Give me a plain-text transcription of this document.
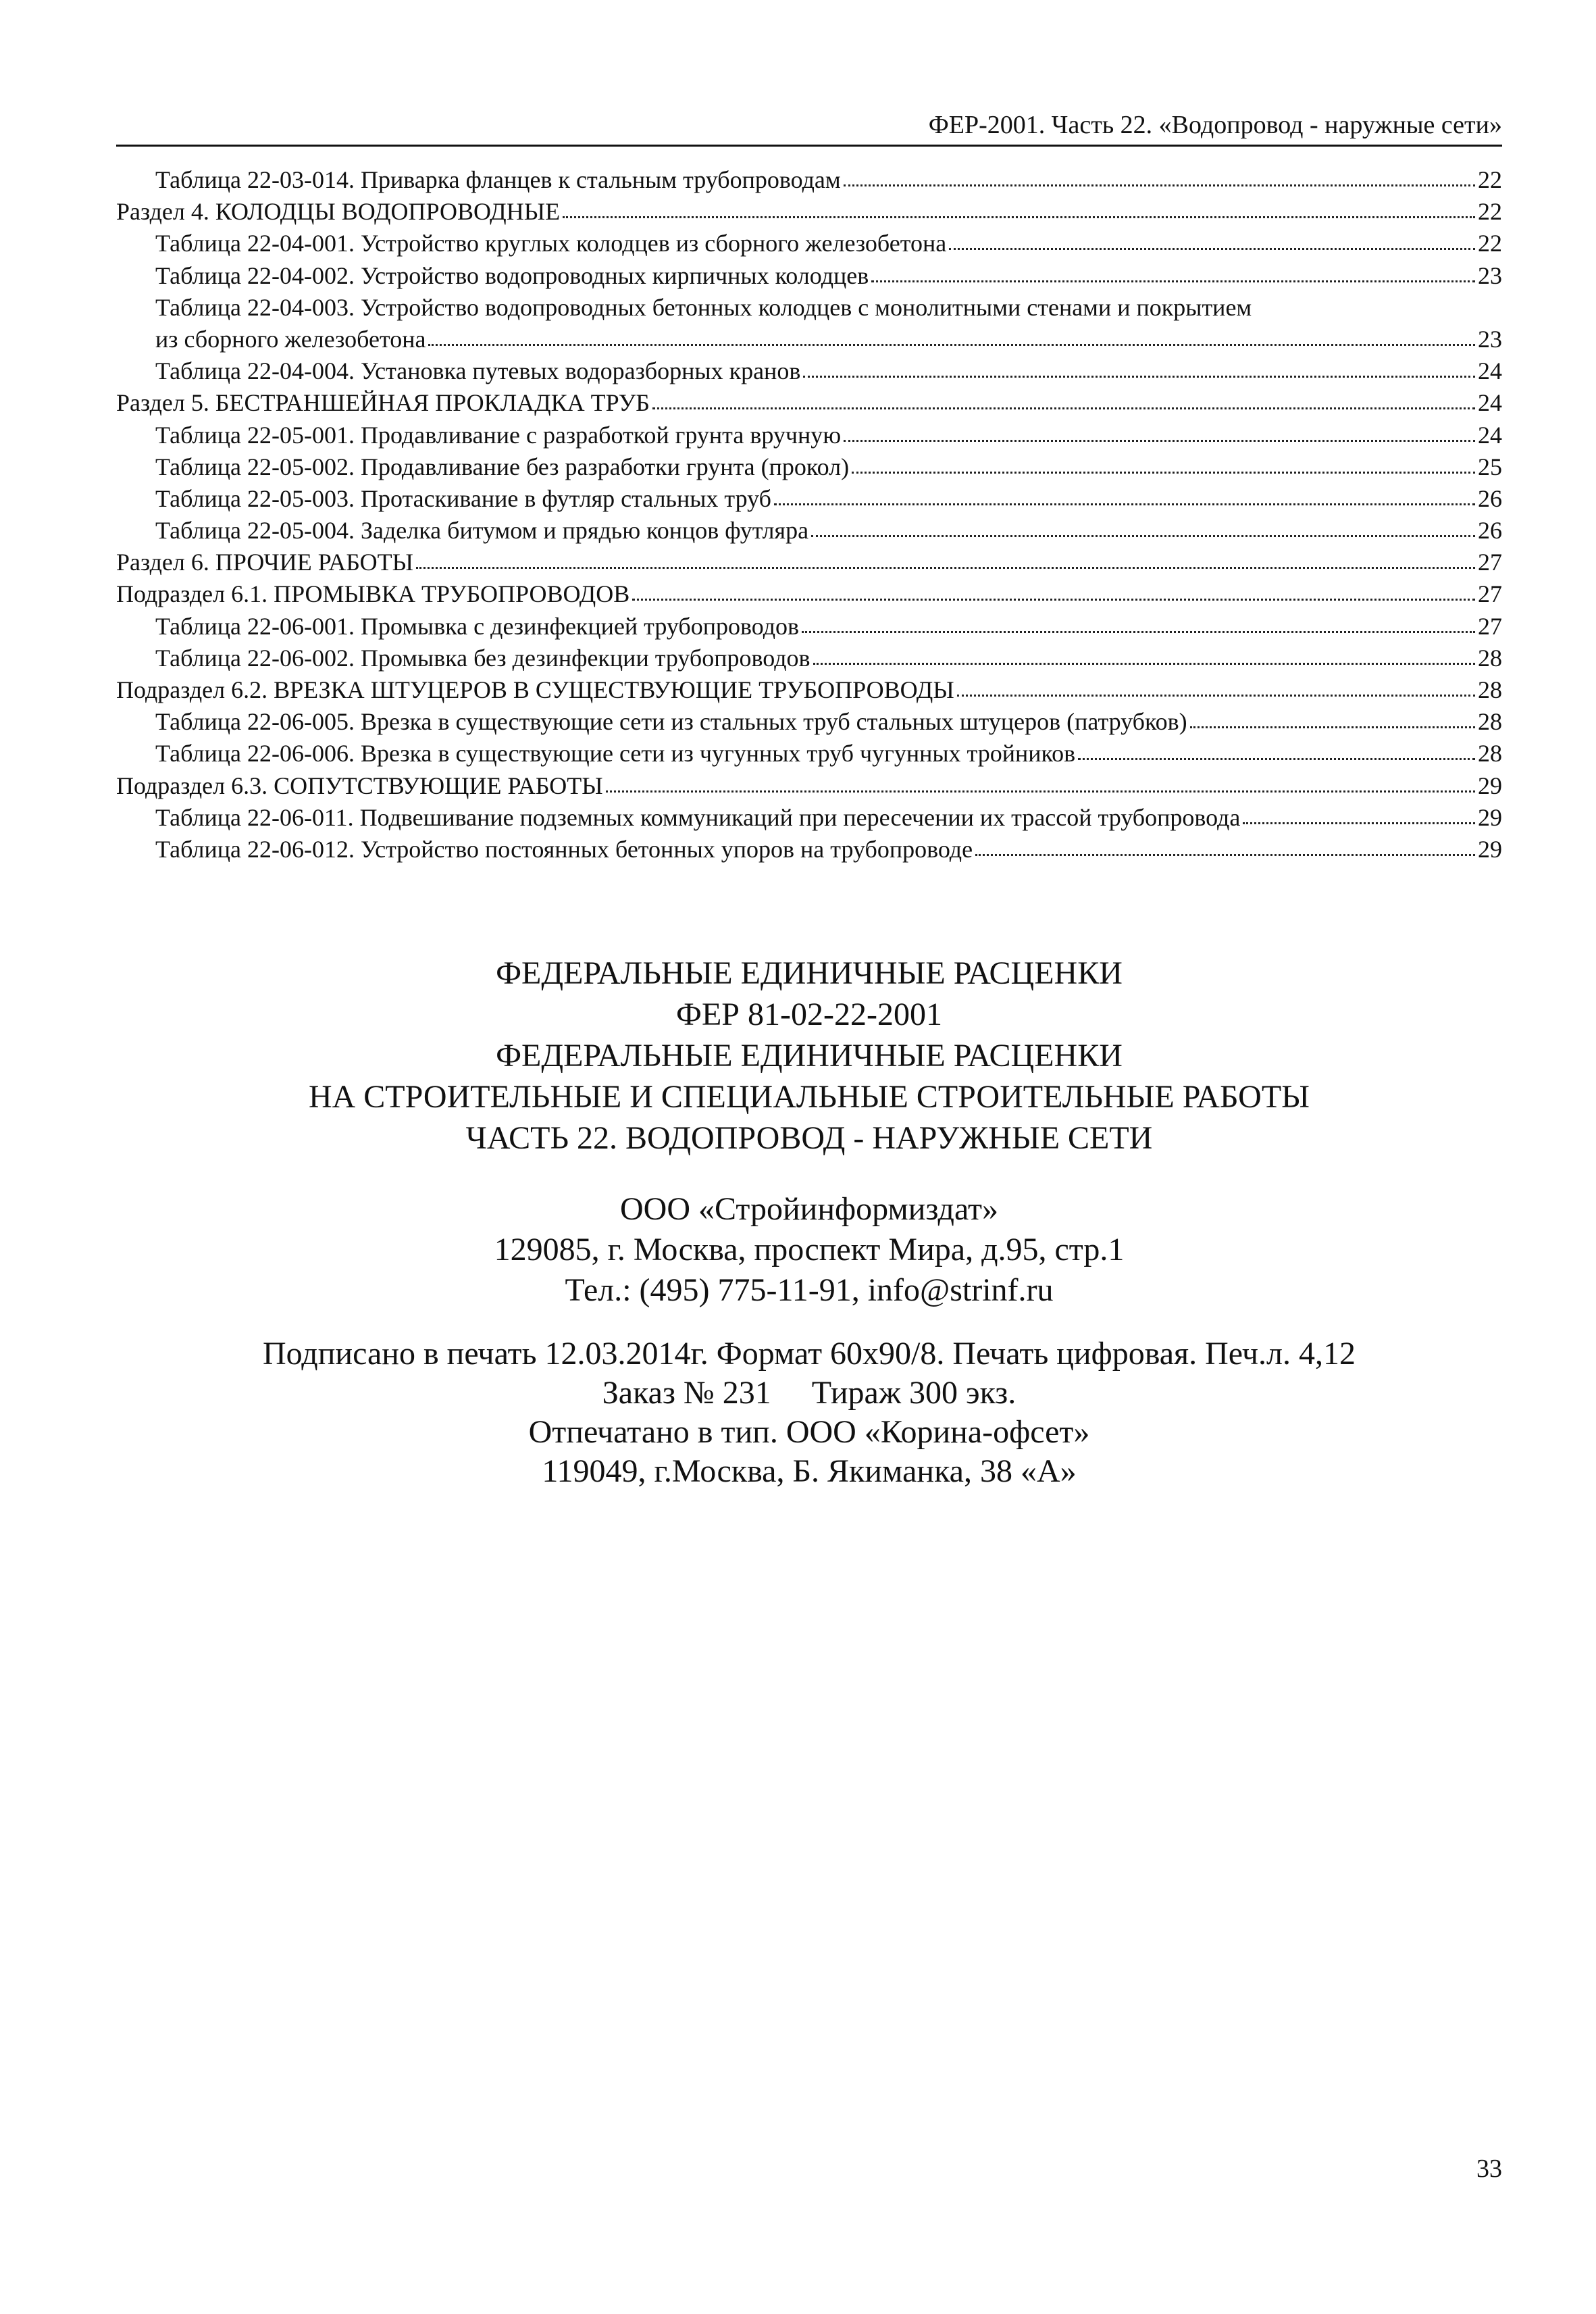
ФЕР-2001. Часть 22. «Водопровод - наружные сети»
Таблица 22-03-014. Приварка фланцев к стальным трубопроводам	22
Раздел 4. КОЛОДЦЫ ВОДОПРОВОДНЫЕ	22
Таблица 22-04-001. Устройство круглых колодцев из сборного железобетона	22
Таблица 22-04-002. Устройство водопроводных кирпичных колодцев	23
Таблица 22-04-003. Устройство водопроводных бетонных колодцев с монолитными стенами и покрытием
из сборного железобетона	23
Таблица 22-04-004. Установка путевых водоразборных кранов	24
Раздел 5. БЕСТРАНШЕЙНАЯ ПРОКЛАДКА ТРУБ	24
Таблица 22-05-001. Продавливание с разработкой грунта вручную	24
Таблица 22-05-002. Продавливание без разработки грунта (прокол)	25
Таблица 22-05-003. Протаскивание в футляр стальных труб	26
Таблица 22-05-004. Заделка битумом и прядью концов футляра	26
Раздел 6. ПРОЧИЕ РАБОТЫ	27
Подраздел 6.1. ПРОМЫВКА ТРУБОПРОВОДОВ	27
Таблица 22-06-001. Промывка с дезинфекцией трубопроводов	27
Таблица 22-06-002. Промывка без дезинфекции трубопроводов	28
Подраздел 6.2. ВРЕЗКА ШТУЦЕРОВ В СУЩЕСТВУЮЩИЕ ТРУБОПРОВОДЫ	28
Таблица 22-06-005. Врезка в существующие сети из стальных труб стальных штуцеров (патрубков)	28
Таблица 22-06-006. Врезка в существующие сети из чугунных труб чугунных тройников	28
Подраздел 6.3. СОПУТСТВУЮЩИЕ РАБОТЫ	29
Таблица 22-06-011. Подвешивание подземных коммуникаций при пересечении их трассой трубопровода	29
Таблица 22-06-012. Устройство постоянных бетонных упоров на трубопроводе	29
ФЕДЕРАЛЬНЫЕ ЕДИНИЧНЫЕ РАСЦЕНКИ
ФЕР 81-02-22-2001
ФЕДЕРАЛЬНЫЕ ЕДИНИЧНЫЕ РАСЦЕНКИ
НА СТРОИТЕЛЬНЫЕ И СПЕЦИАЛЬНЫЕ СТРОИТЕЛЬНЫЕ РАБОТЫ
ЧАСТЬ 22. ВОДОПРОВОД - НАРУЖНЫЕ СЕТИ
ООО «Стройинформиздат»
129085, г. Москва, проспект Мира, д.95, стр.1
Тел.: (495) 775-11-91, info@strinf.ru
Подписано в печать 12.03.2014г. Формат 60х90/8. Печать цифровая. Печ.л. 4,12
Заказ № 231     Тираж 300 экз.
Отпечатано в тип. ООО «Корина-офсет»
119049, г.Москва, Б. Якиманка, 38 «А»
33
